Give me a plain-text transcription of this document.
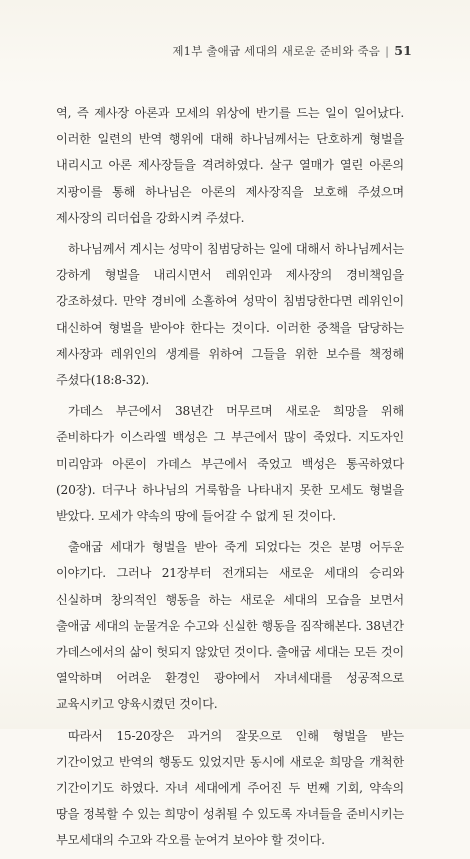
제1부 출애굽 세대의 새로운 준비와 죽음 | 51

역, 즉 제사장 아론과 모세의 위상에 반기를 드는 일이 일어났다. 이러한 일련의 반역 행위에 대해 하나님께서는 단호하게 형벌을 내리시고 아론 제사장들을 격려하였다. 살구 열매가 열린 아론의 지팡이를 통해 하나님은 아론의 제사장직을 보호해 주셨으며 제사장의 리더쉽을 강화시켜 주셨다.

하나님께서 계시는 성막이 침범당하는 일에 대해서 하나님께서는 강하게 형벌을 내리시면서 레위인과 제사장의 경비책임을 강조하셨다. 만약 경비에 소홀하여 성막이 침범당한다면 레위인이 대신하여 형벌을 받아야 한다는 것이다. 이러한 중책을 담당하는 제사장과 레위인의 생계를 위하여 그들을 위한 보수를 책정해 주셨다(18:8-32).

가데스 부근에서 38년간 머무르며 새로운 희망을 위해 준비하다가 이스라엘 백성은 그 부근에서 많이 죽었다. 지도자인 미리암과 아론이 가데스 부근에서 죽었고 백성은 통곡하였다(20장). 더구나 하나님의 거룩함을 나타내지 못한 모세도 형벌을 받았다. 모세가 약속의 땅에 들어갈 수 없게 된 것이다.

출애굽 세대가 형벌을 받아 죽게 되었다는 것은 분명 어두운 이야기다. 그러나 21장부터 전개되는 새로운 세대의 승리와 신실하며 창의적인 행동을 하는 새로운 세대의 모습을 보면서 출애굽 세대의 눈물겨운 수고와 신실한 행동을 짐작해본다. 38년간 가데스에서의 삶이 헛되지 않았던 것이다. 출애굽 세대는 모든 것이 열악하며 어려운 환경인 광야에서 자녀세대를 성공적으로 교육시키고 양육시켰던 것이다.

따라서 15-20장은 과거의 잘못으로 인해 형벌을 받는 기간이었고 반역의 행동도 있었지만 동시에 새로운 희망을 개척한 기간이기도 하였다. 자녀 세대에게 주어진 두 번째 기회, 약속의 땅을 정복할 수 있는 희망이 성취될 수 있도록 자녀들을 준비시키는 부모세대의 수고와 각오를 눈여겨 보아야 할 것이다.
